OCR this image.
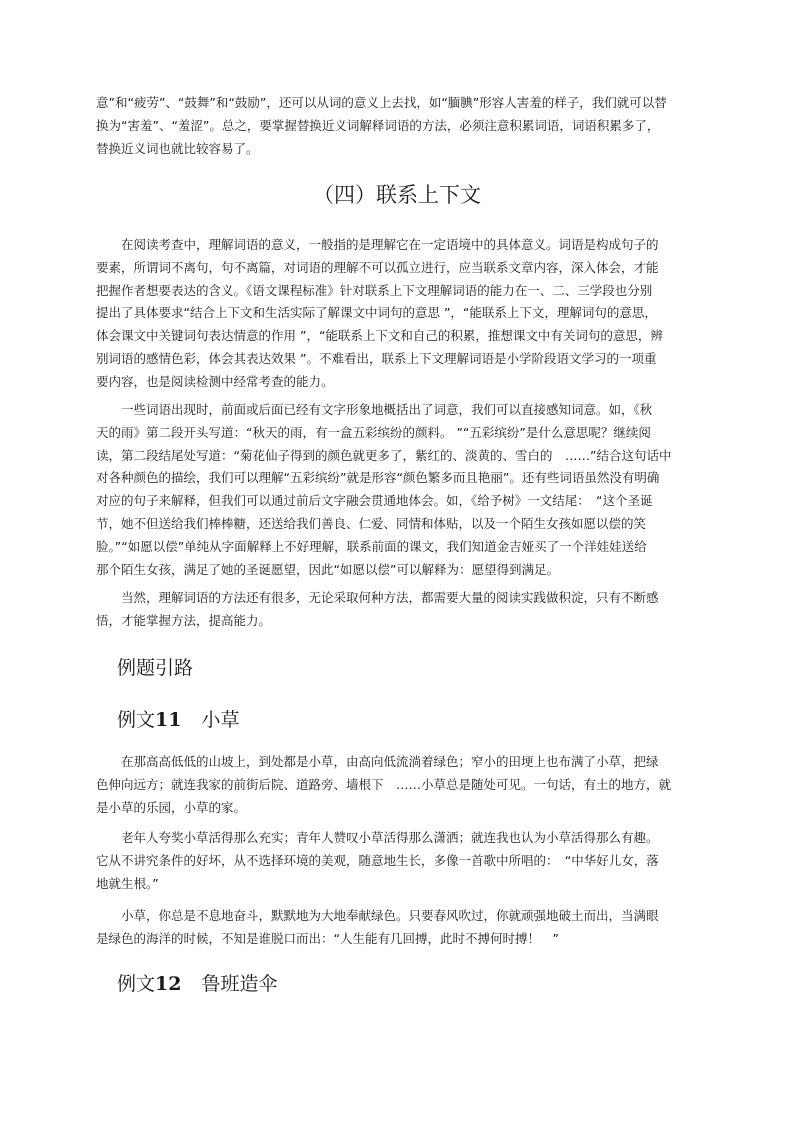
意”和“疲劳”、“鼓舞”和“鼓励”，还可以从词的意义上去找，如“腼腆”形容人害羞的样子，我们就可以替
换为“害羞”、“羞涩”。总之，要掌握替换近义词解释词语的方法，必须注意积累词语，词语积累多了，
替换近义词也就比较容易了。
（四）联系上下文
　　在阅读考查中，理解词语的意义，一般指的是理解它在一定语境中的具体意义。词语是构成句子的
要素，所谓词不离句，句不离篇，对词语的理解不可以孤立进行，应当联系文章内容，深入体会，才能
把握作者想要表达的含义。《语文课程标准》针对联系上下文理解词语的能力在一、二、三学段也分别
提出了具体要求“结合上下文和生活实际了解课文中词句的意思 ”，“能联系上下文，理解词句的意思，
体会课文中关键词句表达情意的作用 ”，“能联系上下文和自己的积累，推想课文中有关词句的意思，辨
别词语的感情色彩，体会其表达效果 ”。不难看出，联系上下文理解词语是小学阶段语文学习的一项重
要内容，也是阅读检测中经常考查的能力。
　　一些词语出现时，前面或后面已经有文字形象地概括出了词意，我们可以直接感知词意。如，《秋
天的雨》第二段开头写道：“秋天的雨，有一盒五彩缤纷的颜料。 ”“五彩缤纷”是什么意思呢？继续阅
读，第二段结尾处写道：“菊花仙子得到的颜色就更多了，紫红的、淡黄的、雪白的　……”结合这句话中
对各种颜色的描绘，我们可以理解“五彩缤纷”就是形容“颜色繁多而且艳丽”。还有些词语虽然没有明确
对应的句子来解释，但我们可以通过前后文字融会贯通地体会。如，《给予树》一文结尾：　“这个圣诞
节，她不但送给我们棒棒糖，还送给我们善良、仁爱、同情和体贴，以及一个陌生女孩如愿以偿的笑
脸。”“如愿以偿”单纯从字面解释上不好理解，联系前面的课文，我们知道金吉娅买了一个洋娃娃送给
那个陌生女孩，满足了她的圣诞愿望，因此“如愿以偿”可以解释为：愿望得到满足。
　　当然，理解词语的方法还有很多，无论采取何种方法，都需要大量的阅读实践做积淀，只有不断感
悟，才能掌握方法，提高能力。
例题引路
例文11 小草
　　在那高高低低的山坡上，到处都是小草，由高向低流淌着绿色；窄小的田埂上也布满了小草，把绿
色伸向远方；就连我家的前街后院、道路旁、墙根下　……小草总是随处可见。一句话，有土的地方，就
是小草的乐园，小草的家。
　　老年人夸奖小草活得那么充实；青年人赞叹小草活得那么潇洒；就连我也认为小草活得那么有趣。
它从不讲究条件的好坏，从不选择环境的美观，随意地生长，多像一首歌中所唱的：　“中华好儿女，落
地就生根。”
　　小草，你总是不息地奋斗，默默地为大地奉献绿色。只要春风吹过，你就顽强地破土而出，当满眼
是绿色的海洋的时候，不知是谁脱口而出：“人生能有几回搏，此时不搏何时搏！　”
例文12 鲁班造伞
